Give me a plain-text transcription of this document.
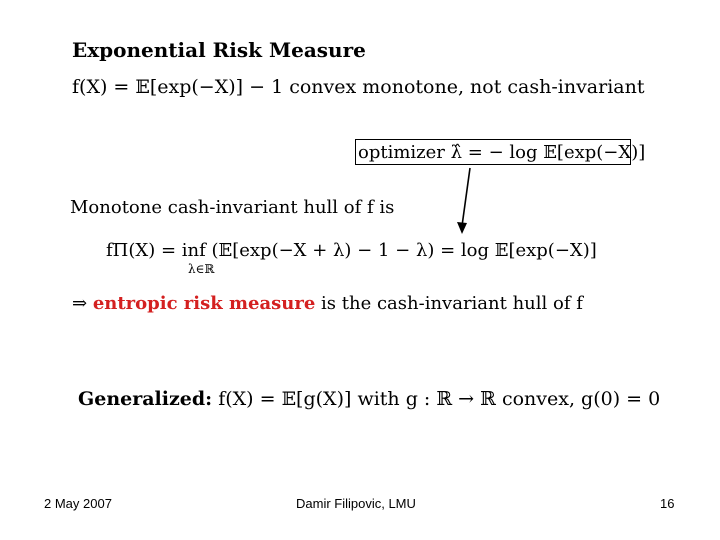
Exponential Risk Measure
f(X) = 𝔼[exp(−X)] − 1 convex monotone, not cash-invariant
optimizer λ̂ = − log 𝔼[exp(−X)]
Monotone cash-invariant hull of f is
fΠ(X) = inf (𝔼[exp(−X + λ) − 1 − λ) = log 𝔼[exp(−X)]
λ∈ℝ
⇒ entropic risk measure is the cash-invariant hull of f
Generalized: f(X) = 𝔼[g(X)] with g : ℝ → ℝ convex, g(0) = 0
2 May 2007	Damir Filipovic, LMU	16
